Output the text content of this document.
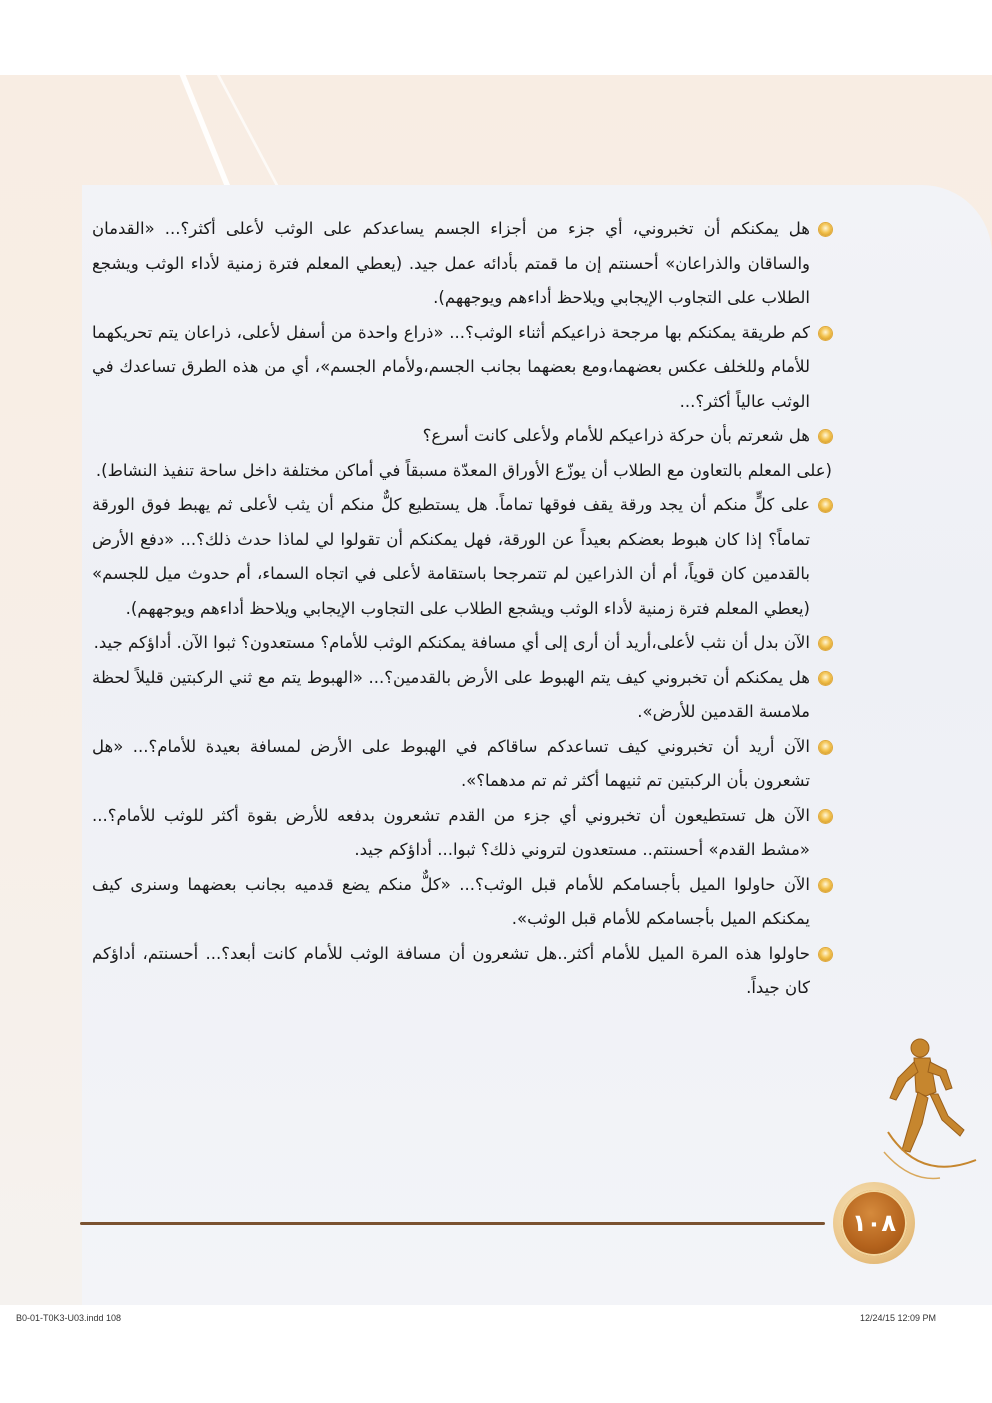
هل يمكنكم أن تخبروني، أي جزء من أجزاء الجسم يساعدكم على الوثب لأعلى أكثر؟... «القدمان والساقان والذراعان» أحسنتم إن ما قمتم بأدائه عمل جيد. (يعطي المعلم فترة زمنية لأداء الوثب ويشجع الطلاب على التجاوب الإيجابي ويلاحظ أداءهم ويوجههم).
كم طريقة يمكنكم بها مرجحة ذراعيكم أثناء الوثب؟... «ذراع واحدة من أسفل لأعلى، ذراعان يتم تحريكهما للأمام وللخلف عكس بعضهما،ومع بعضهما بجانب الجسم،ولأمام الجسم»، أي من هذه الطرق تساعدك في الوثب عالياً أكثر؟...
هل شعرتم بأن حركة ذراعيكم للأمام ولأعلى كانت أسرع؟
(على المعلم بالتعاون مع الطلاب أن يوزّع الأوراق المعدّة مسبقاً في أماكن مختلفة داخل ساحة تنفيذ النشاط).
على كلٍّ منكم أن يجد ورقة يقف فوقها تماماً. هل يستطيع كلٌّ منكم أن يثب لأعلى ثم يهبط فوق الورقة تماماً؟ إذا كان هبوط بعضكم بعيداً عن الورقة، فهل يمكنكم أن تقولوا لي لماذا حدث ذلك؟... «دفع الأرض بالقدمين كان قوياً، أم أن الذراعين لم تتمرجحا باستقامة لأعلى في اتجاه السماء، أم حدوث ميل للجسم» (يعطي المعلم فترة زمنية لأداء الوثب ويشجع الطلاب على التجاوب الإيجابي ويلاحظ أداءهم ويوجههم).
الآن بدل أن نثب لأعلى،أريد أن أرى إلى أي مسافة يمكنكم الوثب للأمام؟ مستعدون؟ ثبوا الآن. أداؤكم جيد.
هل يمكنكم أن تخبروني كيف يتم الهبوط على الأرض بالقدمين؟... «الهبوط يتم مع ثني الركبتين قليلاً لحظة ملامسة القدمين للأرض».
الآن أريد أن تخبروني كيف تساعدكم ساقاكم في الهبوط على الأرض لمسافة بعيدة للأمام؟... «هل تشعرون بأن الركبتين تم ثنيهما أكثر ثم تم مدهما؟».
الآن هل تستطيعون أن تخبروني أي جزء من القدم تشعرون بدفعه للأرض بقوة أكثر للوثب للأمام؟... «مشط القدم» أحسنتم.. مستعدون لتروني ذلك؟ ثبوا... أداؤكم جيد.
الآن حاولوا الميل بأجسامكم للأمام قبل الوثب؟... «كلٌّ منكم يضع قدميه بجانب بعضهما وسنرى كيف يمكنكم الميل بأجسامكم للأمام قبل الوثب».
حاولوا هذه المرة الميل للأمام أكثر..هل تشعرون أن مسافة الوثب للأمام كانت أبعد؟... أحسنتم، أداؤكم كان جيداً.
١٠٨
B0-01-T0K3-U03.indd 108	12/24/15 12:09 PM
